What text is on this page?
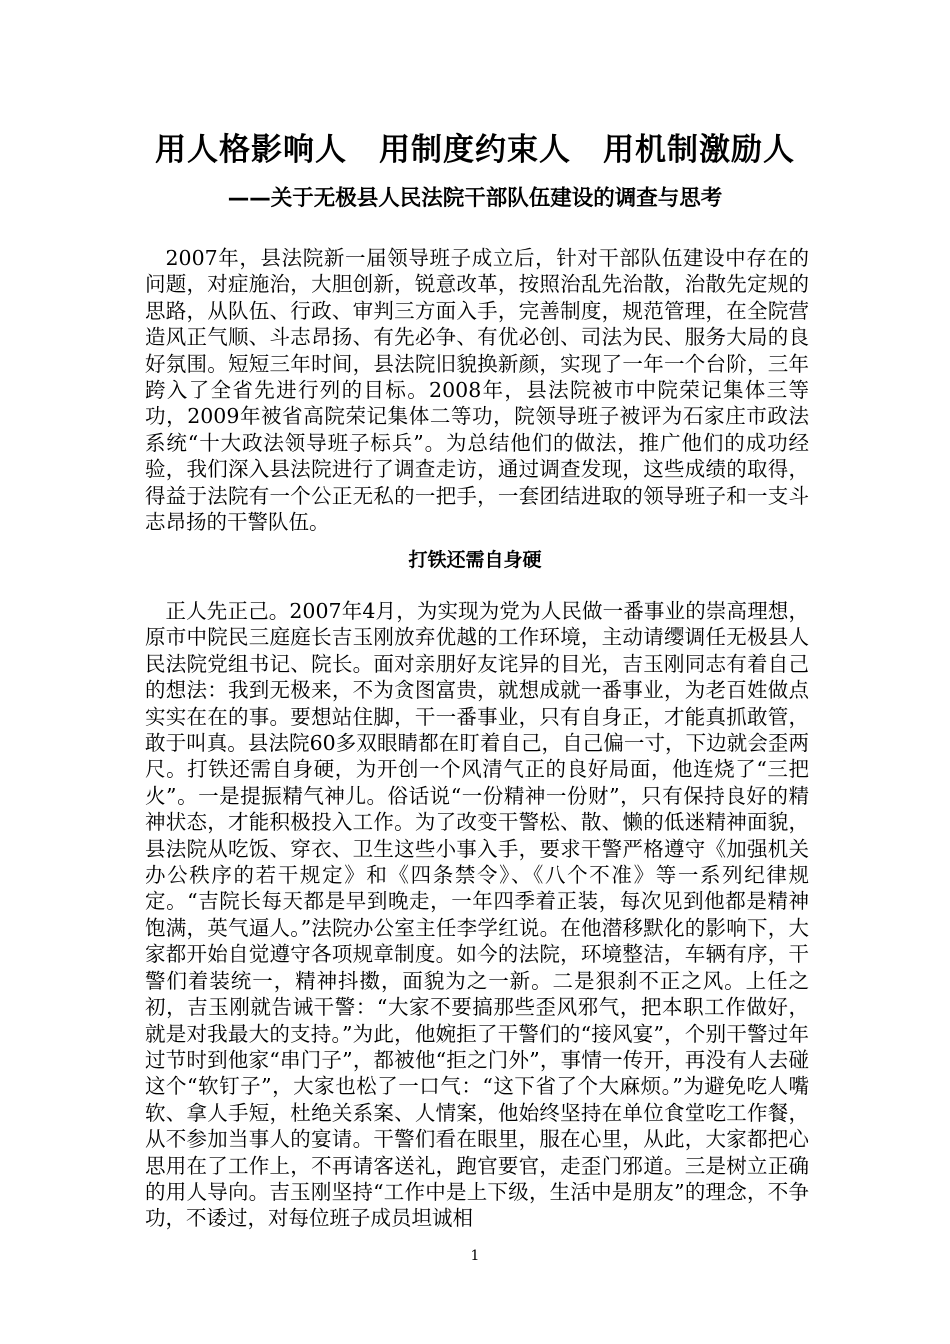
用人格影响人　用制度约束人　用机制激励人
——关于无极县人民法院干部队伍建设的调查与思考

2007年，县法院新一届领导班子成立后，针对干部队伍建设中存在的问题，对症施治，大胆创新，锐意改革，按照治乱先治散，治散先定规的思路，从队伍、行政、审判三方面入手，完善制度，规范管理，在全院营造风正气顺、斗志昂扬、有先必争、有优必创、司法为民、服务大局的良好氛围。短短三年时间，县法院旧貌换新颜，实现了一年一个台阶，三年跨入了全省先进行列的目标。2008年，县法院被市中院荣记集体三等功，2009年被省高院荣记集体二等功，院领导班子被评为石家庄市政法系统“十大政法领导班子标兵”。为总结他们的做法，推广他们的成功经验，我们深入县法院进行了调查走访，通过调查发现，这些成绩的取得，得益于法院有一个公正无私的一把手，一套团结进取的领导班子和一支斗志昂扬的干警队伍。

打铁还需自身硬

正人先正己。2007年4月，为实现为党为人民做一番事业的崇高理想，原市中院民三庭庭长吉玉刚放弃优越的工作环境，主动请缨调任无极县人民法院党组书记、院长。面对亲朋好友诧异的目光，吉玉刚同志有着自己的想法：我到无极来，不为贪图富贵，就想成就一番事业，为老百姓做点实实在在的事。要想站住脚，干一番事业，只有自身正，才能真抓敢管，敢于叫真。县法院60多双眼睛都在盯着自己，自己偏一寸，下边就会歪两尺。打铁还需自身硬，为开创一个风清气正的良好局面，他连烧了“三把火”。一是提振精气神儿。俗话说“一份精神一份财”，只有保持良好的精神状态，才能积极投入工作。为了改变干警松、散、懒的低迷精神面貌，县法院从吃饭、穿衣、卫生这些小事入手，要求干警严格遵守《加强机关办公秩序的若干规定》和《四条禁令》、《八个不准》等一系列纪律规定。“吉院长每天都是早到晚走，一年四季着正装，每次见到他都是精神饱满，英气逼人。”法院办公室主任李学红说。在他潜移默化的影响下，大家都开始自觉遵守各项规章制度。如今的法院，环境整洁，车辆有序，干警们着装统一，精神抖擞，面貌为之一新。二是狠刹不正之风。上任之初，吉玉刚就告诫干警：“大家不要搞那些歪风邪气，把本职工作做好，就是对我最大的支持。”为此，他婉拒了干警们的“接风宴”，个别干警过年过节时到他家“串门子”，都被他“拒之门外”，事情一传开，再没有人去碰这个“软钉子”，大家也松了一口气：“这下省了个大麻烦。”为避免吃人嘴软、拿人手短，杜绝关系案、人情案，他始终坚持在单位食堂吃工作餐，从不参加当事人的宴请。干警们看在眼里，服在心里，从此，大家都把心思用在了工作上，不再请客送礼，跑官要官，走歪门邪道。三是树立正确的用人导向。吉玉刚坚持“工作中是上下级，生活中是朋友”的理念，不争功，不诿过，对每位班子成员坦诚相

1
